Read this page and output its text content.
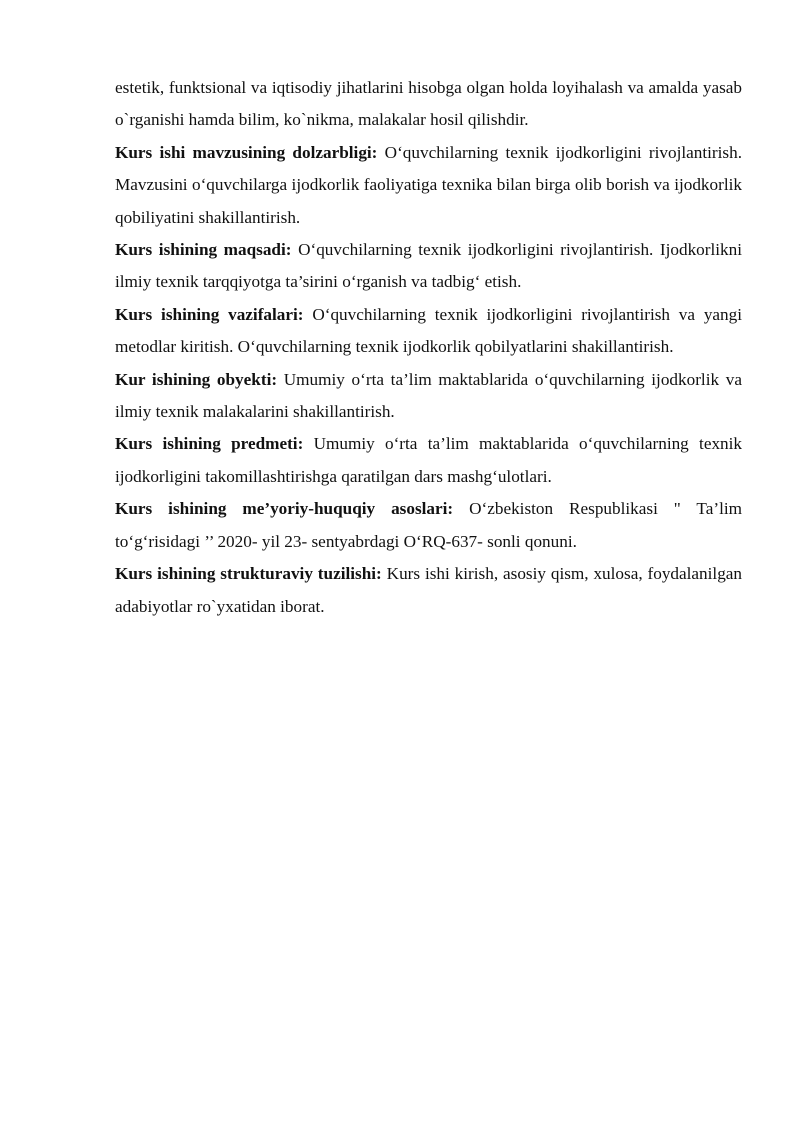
estetik, funktsional va iqtisodiy jihatlarini hisobga olgan holda loyihalash va amalda yasab o`rganishi hamda bilim, ko`nikma, malakalar hosil qilishdir.

Kurs ishi mavzusining dolzarbligi: O‘quvchilarning texnik ijodkorligini rivojlantirish. Mavzusini o‘quvchilarga ijodkorlik faoliyatiga texnika bilan birga olib borish va ijodkorlik qobiliyatini shakillantirish.

Kurs ishining maqsadi: O‘quvchilarning texnik ijodkorligini rivojlantirish. Ijodkorlikni ilmiy texnik tarqqiyotga ta’sirini o‘rganish va tadbig‘ etish.

Kurs ishining vazifalari: O‘quvchilarning texnik ijodkorligini rivojlantirish va yangi metodlar kiritish. O‘quvchilarning texnik ijodkorlik qobilyatlarini shakillantirish.

Kur ishining obyekti: Umumiy o‘rta ta’lim maktablarida o‘quvchilarning ijodkorlik va ilmiy texnik malakalarini shakillantirish.

Kurs ishining predmeti: Umumiy o‘rta ta’lim maktablarida o‘quvchilarning texnik ijodkorligini takomillashtirishga qaratilgan dars mashg‘ulotlari.

Kurs ishining me’yoriy-huquqiy asoslari: O‘zbekiston Respublikasi " Ta’lim to‘g‘risidagi ’’ 2020- yil 23- sentyabrdagi O‘RQ-637- sonli qonuni.

Kurs ishining strukturaviy tuzilishi: Kurs ishi kirish, asosiy qism, xulosa, foydalanilgan adabiyotlar ro`yxatidan iborat.
